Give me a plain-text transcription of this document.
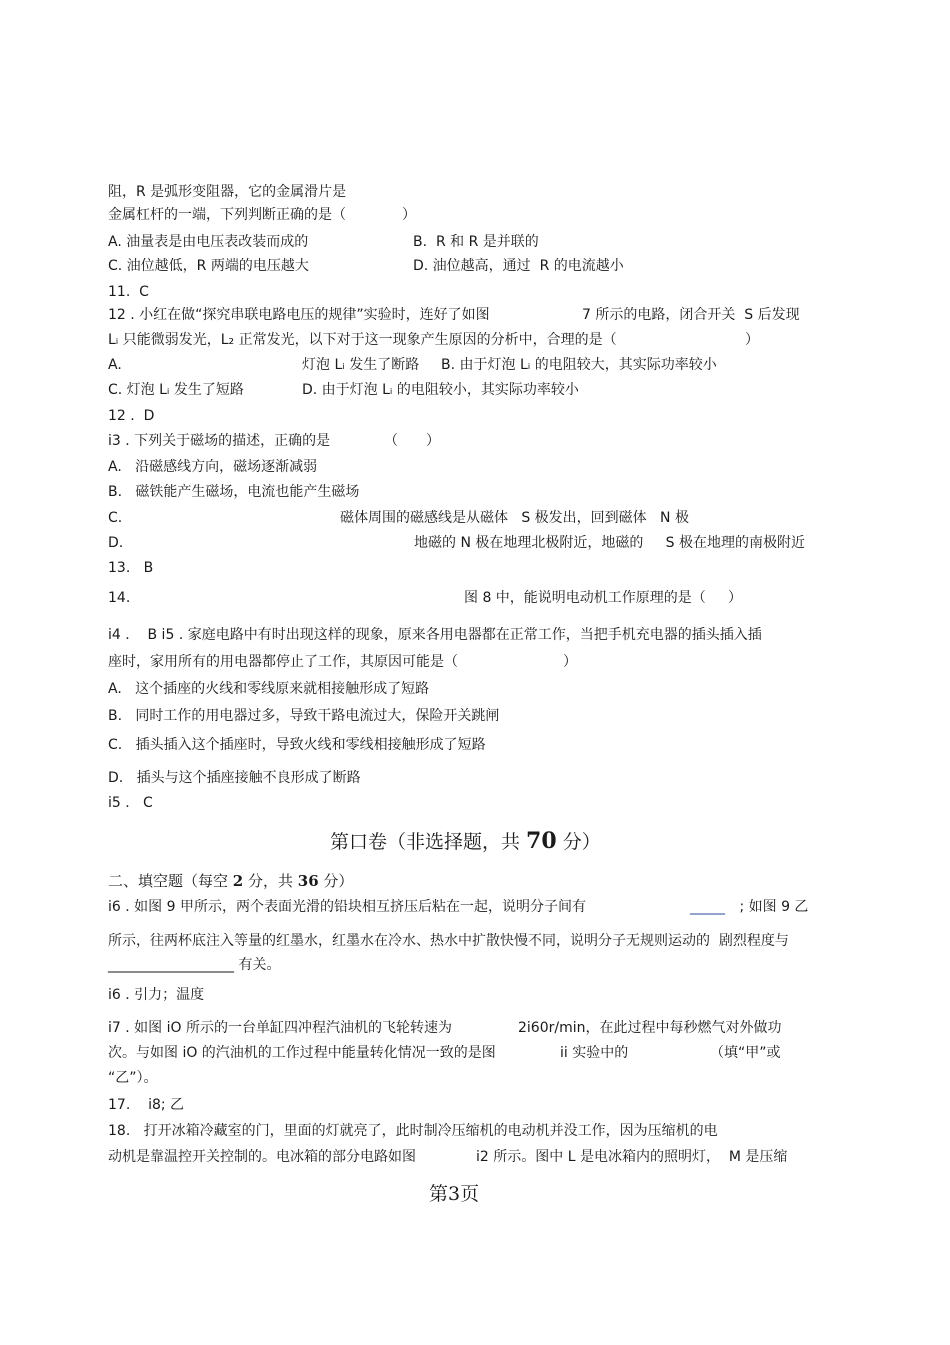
阻，R 是弧形变阻器，它的金属滑片是
金属杠杆的一端，下列判断正确的是（　　　　）
A. 油量表是由电压表改装而成的	B.  R 和 R 是并联的
C. 油位越低，R 两端的电压越大	D. 油位越高，通过  R 的电流越小
11.  C
12 . 小红在做“探究串联电路电压的规律”实验时，连好了如图	7 所示的电路，闭合开关  S 后发现
Lᵢ 只能微弱发光，L₂ 正常发光，以下对于这一现象产生原因的分析中，合理的是（	）
A.	灯泡 Lᵢ 发生了断路 B. 由于灯泡 Lᵢ 的电阻较大，其实际功率较小
C. 灯泡 Lᵢ 发生了短路	D. 由于灯泡 Lᵢ 的电阻较小，其实际功率较小
12 .  D
i3 . 下列关于磁场的描述，正确的是	（　　）
A.   沿磁感线方向，磁场逐渐减弱
B.   磁铁能产生磁场，电流也能产生磁场
C.	磁体周围的磁感线是从磁体   S 极发出，回到磁体   N 极
D.	地磁的 N 极在地理北极附近，地磁的     S 极在地理的南极附近
13.   B
14.	图 8 中，能说明电动机工作原理的是（     ）
i4 .    B i5 . 家庭电路中有时出现这样的现象，原来各用电器都在正常工作，当把手机充电器的插头插入插
座时，家用所有的用电器都停止了工作，其原因可能是（	）
A.   这个插座的火线和零线原来就相接触形成了短路
B.   同时工作的用电器过多，导致干路电流过大，保险开关跳闸
C.   插头插入这个插座时，导致火线和零线相接触形成了短路
D.   插头与这个插座接触不良形成了断路
i5 .   C
第口卷（非选择题，共 70 分）
二、填空题（每空 2 分，共 36 分）
i6 . 如图 9 甲所示，两个表面光滑的铅块相互挤压后粘在一起，说明分子间有	_____ ; 如图 9 乙
所示，往两杯底注入等量的红墨水，红墨水在冷水、热水中扩散快慢不同，说明分子无规则运动的  剧烈程度与
__________________ 有关。
i6 . 引力；温度
i7 . 如图 iO 所示的一台单缸四冲程汽油机的飞轮转速为	2i60r/min，在此过程中每秒燃气对外做功
次。与如图 iO 的汽油机的工作过程中能量转化情况一致的是图	ii 实验中的	（填“甲”或
“乙”）。
17.    i8; 乙
18.   打开冰箱冷藏室的门，里面的灯就亮了，此时制冷压缩机的电动机并没工作，因为压缩机的电
动机是靠温控开关控制的。电冰箱的部分电路如图	i2 所示。图中 L 是电冰箱内的照明灯，  M 是压缩
第3页
